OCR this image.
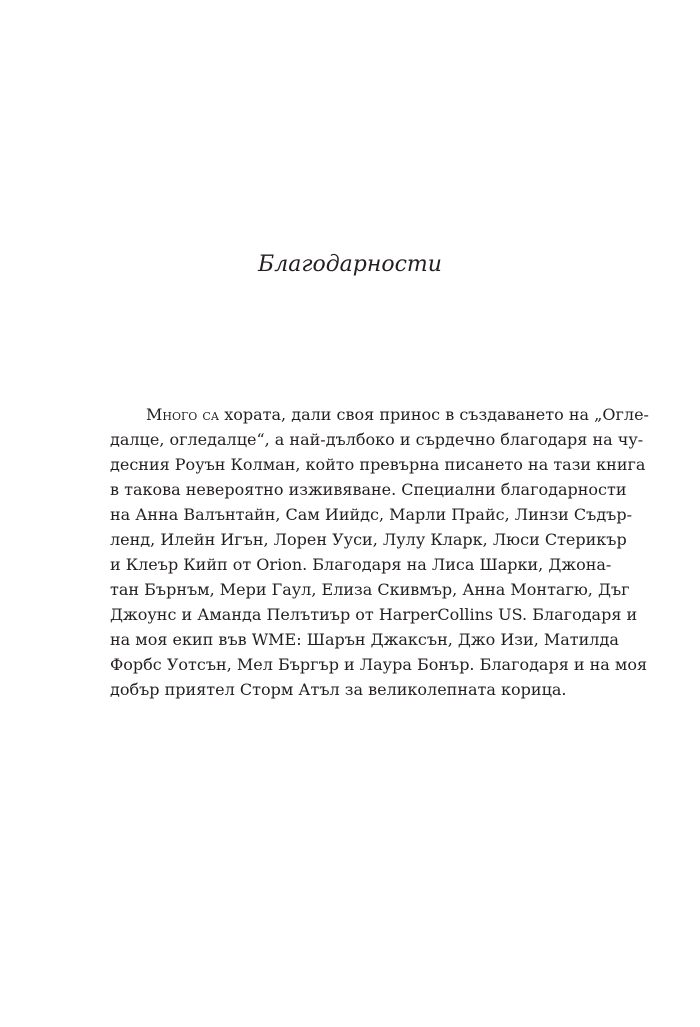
Благодарности
Много са хората, дали своя принос в създаването на „Огле-
далце, огледалце“, а най-дълбоко и сърдечно благодаря на чу-
десния Роуън Колман, който превърна писането на тази книга
в такова невероятно изживяване. Специални благодарности
на Анна Валънтайн, Сам Иийдс, Марли Прайс, Линзи Съдър-
ленд, Илейн Игън, Лорен Ууси, Лулу Кларк, Люси Стерикър
и Клеър Кийп от Orion. Благодаря на Лиса Шарки, Джона-
тан Бърнъм, Мери Гаул, Елиза Скивмър, Анна Монтагю, Дъг
Джоунс и Аманда Пелътиър от HarperCollins US. Благодаря и
на моя екип във WME: Шарън Джаксън, Джо Изи, Матилда
Форбс Уотсън, Мел Бъргър и Лаура Бонър. Благодаря и на моя
добър приятел Сторм Атъл за великолепната корица.
